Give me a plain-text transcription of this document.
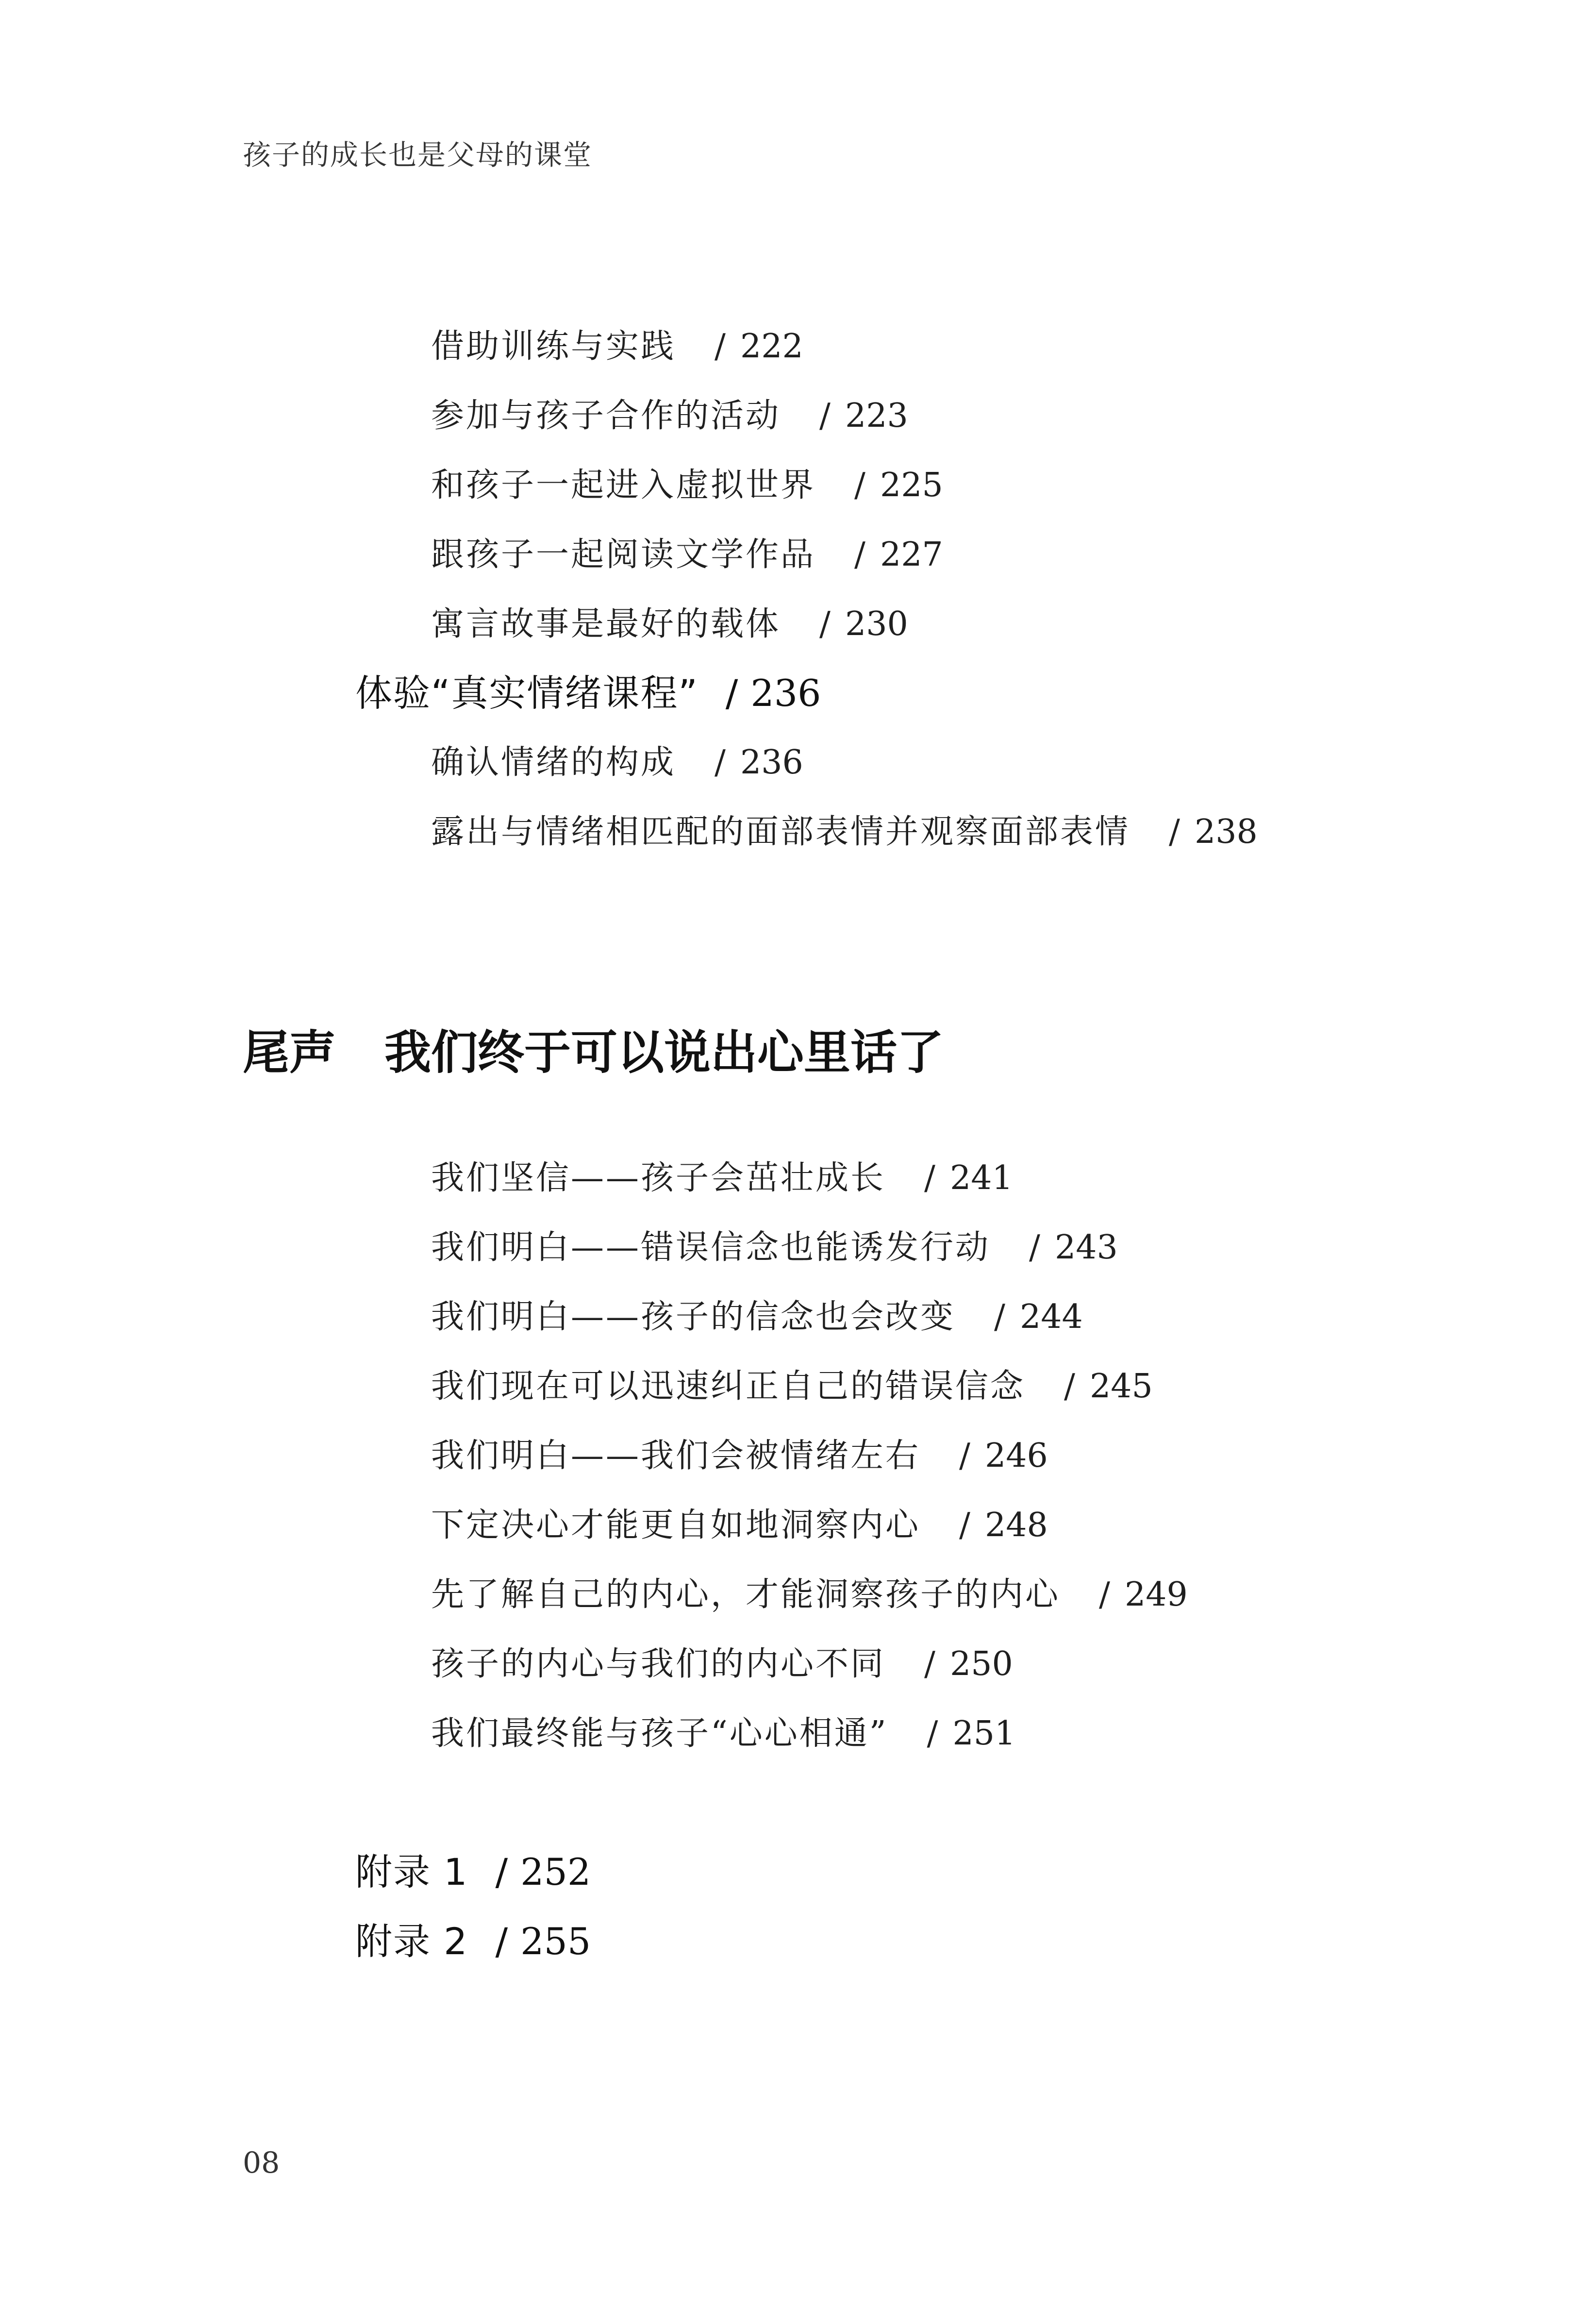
孩子的成长也是父母的课堂
借助训练与实践 / 222
参加与孩子合作的活动 / 223
和孩子一起进入虚拟世界 / 225
跟孩子一起阅读文学作品 / 227
寓言故事是最好的载体 / 230
体验“真实情绪课程” / 236
确认情绪的构成 / 236
露出与情绪相匹配的面部表情并观察面部表情 / 238
尾声 我们终于可以说出心里话了
我们坚信——孩子会茁壮成长 / 241
我们明白——错误信念也能诱发行动 / 243
我们明白——孩子的信念也会改变 / 244
我们现在可以迅速纠正自己的错误信念 / 245
我们明白——我们会被情绪左右 / 246
下定决心才能更自如地洞察内心 / 248
先了解自己的内心，才能洞察孩子的内心 / 249
孩子的内心与我们的内心不同 / 250
我们最终能与孩子“心心相通” / 251
附录 1 / 252
附录 2 / 255
08
